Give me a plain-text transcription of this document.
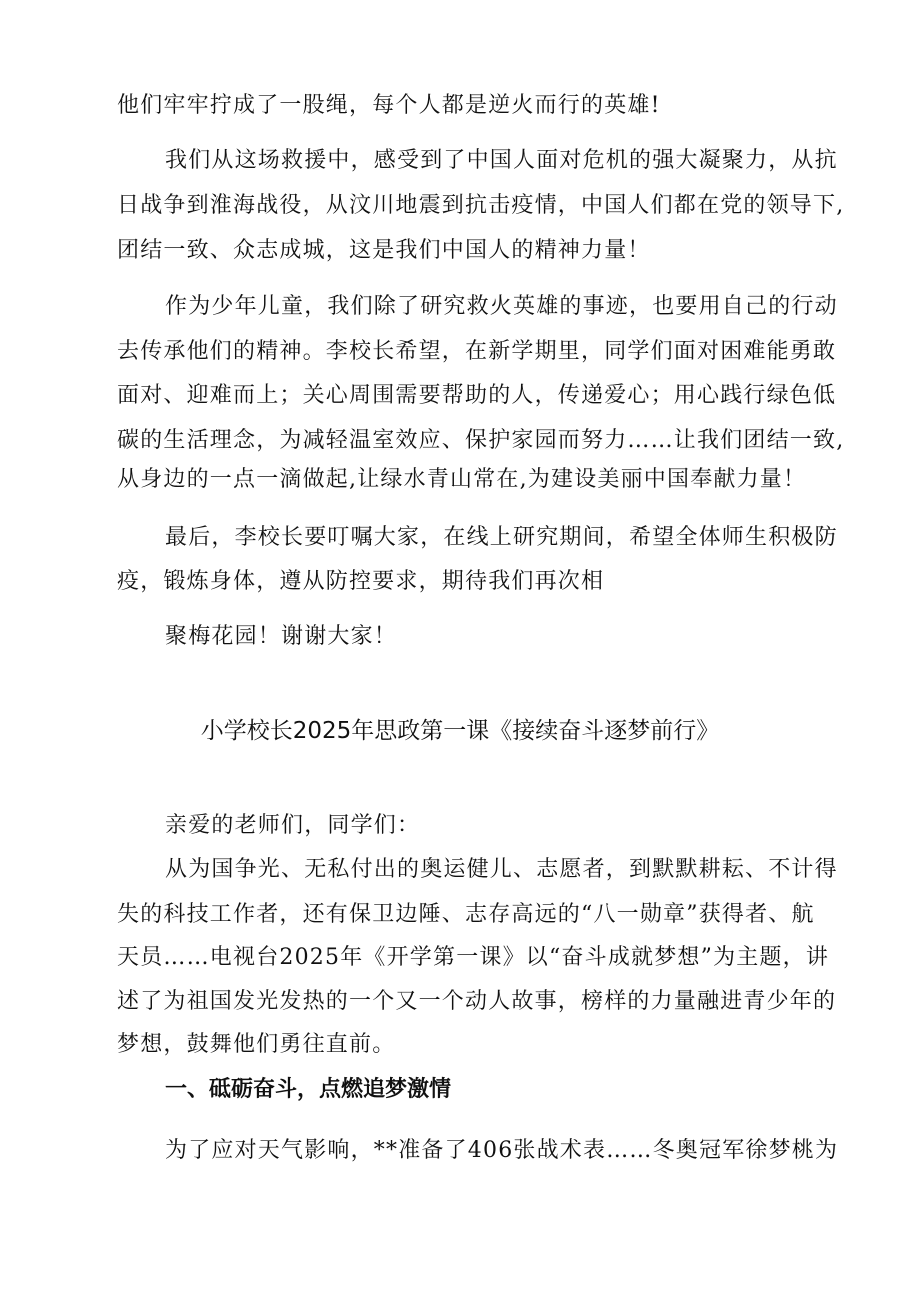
他们牢牢拧成了一股绳，每个人都是逆火而行的英雄!
我们从这场救援中，感受到了中国人面对危机的强大凝聚力，从抗
日战争到淮海战役，从汶川地震到抗击疫情，中国人们都在党的领导下,
团结一致、众志成城，这是我们中国人的精神力量！
作为少年儿童，我们除了研究救火英雄的事迹，也要用自己的行动
去传承他们的精神。李校长希望，在新学期里，同学们面对困难能勇敢
面对、迎难而上；关心周围需要帮助的人，传递爱心；用心践行绿色低
碳的生活理念，为减轻温室效应、保护家园而努力……让我们团结一致,
从身边的一点一滴做起,让绿水青山常在,为建设美丽中国奉献力量！
最后，李校长要叮嘱大家，在线上研究期间，希望全体师生积极防
疫，锻炼身体，遵从防控要求，期待我们再次相
聚梅花园！谢谢大家！
小学校长2025年思政第一课《接续奋斗逐梦前行》
亲爱的老师们，同学们：
从为国争光、无私付出的奥运健儿、志愿者，到默默耕耘、不计得
失的科技工作者，还有保卫边陲、志存高远的“八一勋章”获得者、航
天员……电视台2025年《开学第一课》以“奋斗成就梦想”为主题，讲
述了为祖国发光发热的一个又一个动人故事，榜样的力量融进青少年的
梦想，鼓舞他们勇往直前。
一、砥砺奋斗，点燃追梦激情
为了应对天气影响，**准备了406张战术表……冬奥冠军徐梦桃为
